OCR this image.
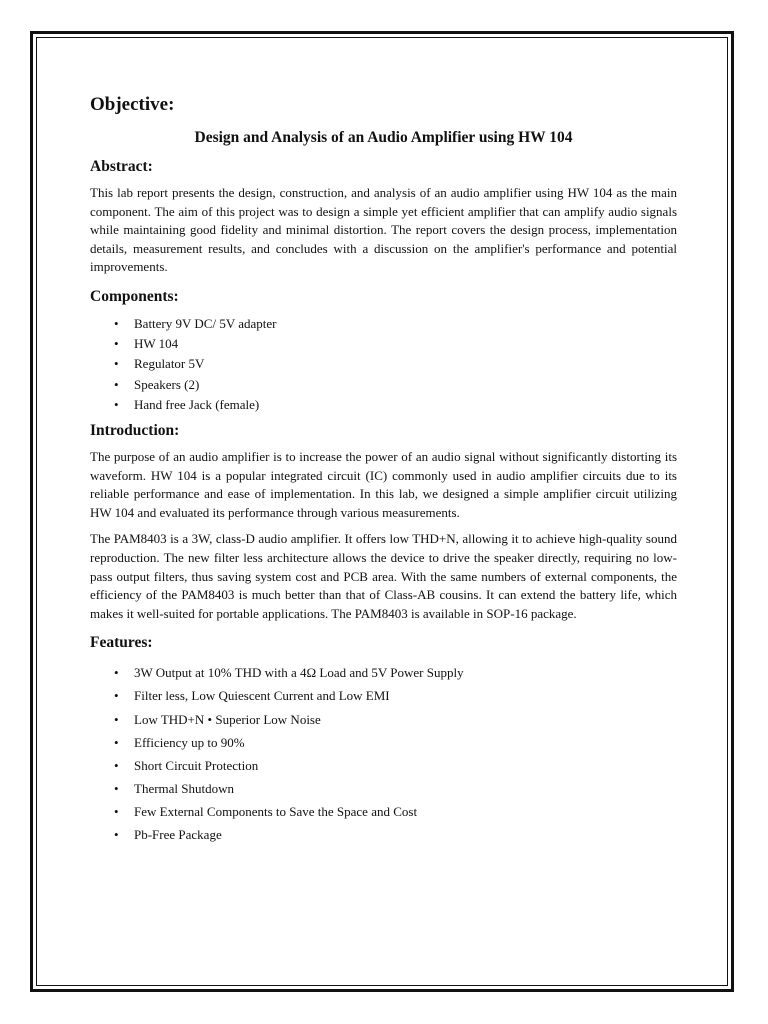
Objective:
Design and Analysis of an Audio Amplifier using HW 104
Abstract:

This lab report presents the design, construction, and analysis of an audio amplifier using HW 104 as the main component. The aim of this project was to design a simple yet efficient amplifier that can amplify audio signals while maintaining good fidelity and minimal distortion. The report covers the design process, implementation details, measurement results, and concludes with a discussion on the amplifier's performance and potential improvements.

Components:
• Battery 9V DC/ 5V adapter
• HW 104
• Regulator 5V
• Speakers (2)
• Hand free Jack (female)
Introduction:

The purpose of an audio amplifier is to increase the power of an audio signal without significantly distorting its waveform. HW 104 is a popular integrated circuit (IC) commonly used in audio amplifier circuits due to its reliable performance and ease of implementation. In this lab, we designed a simple amplifier circuit utilizing HW 104 and evaluated its performance through various measurements.

The PAM8403 is a 3W, class-D audio amplifier. It offers low THD+N, allowing it to achieve high-quality sound reproduction. The new filter less architecture allows the device to drive the speaker directly, requiring no low-pass output filters, thus saving system cost and PCB area. With the same numbers of external components, the efficiency of the PAM8403 is much better than that of Class-AB cousins. It can extend the battery life, which makes it well-suited for portable applications. The PAM8403 is available in SOP-16 package.

Features:
• 3W Output at 10% THD with a 4Ω Load and 5V Power Supply
• Filter less, Low Quiescent Current and Low EMI
• Low THD+N • Superior Low Noise
• Efficiency up to 90%
• Short Circuit Protection
• Thermal Shutdown
• Few External Components to Save the Space and Cost
• Pb-Free Package
